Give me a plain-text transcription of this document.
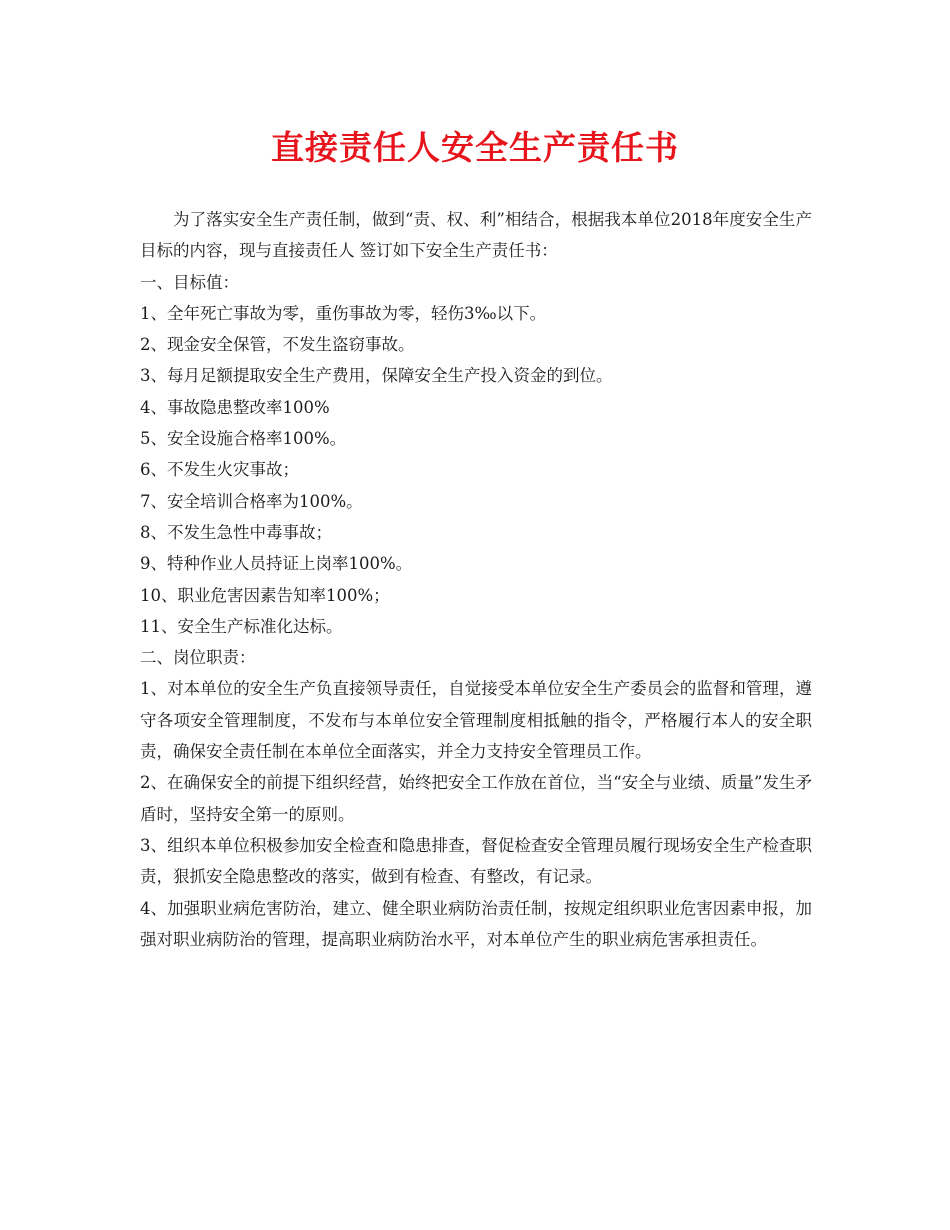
直接责任人安全生产责任书

为了落实安全生产责任制，做到“责、权、利”相结合，根据我本单位2018年度安全生产目标的内容，现与直接责任人 签订如下安全生产责任书：

一、目标值：

1、全年死亡事故为零，重伤事故为零，轻伤3‰以下。

2、现金安全保管，不发生盗窃事故。

3、每月足额提取安全生产费用，保障安全生产投入资金的到位。

4、事故隐患整改率100%

5、安全设施合格率100%。

6、不发生火灾事故；

7、安全培训合格率为100%。

8、不发生急性中毒事故；

9、特种作业人员持证上岗率100%。

10、职业危害因素告知率100%；

11、安全生产标准化达标。

二、岗位职责：

1、对本单位的安全生产负直接领导责任，自觉接受本单位安全生产委员会的监督和管理，遵守各项安全管理制度，不发布与本单位安全管理制度相抵触的指令，严格履行本人的安全职责，确保安全责任制在本单位全面落实，并全力支持安全管理员工作。

2、在确保安全的前提下组织经营，始终把安全工作放在首位，当“安全与业绩、质量”发生矛盾时，坚持安全第一的原则。

3、组织本单位积极参加安全检查和隐患排查，督促检查安全管理员履行现场安全生产检查职责，狠抓安全隐患整改的落实，做到有检查、有整改，有记录。

4、加强职业病危害防治，建立、健全职业病防治责任制，按规定组织职业危害因素申报，加强对职业病防治的管理，提高职业病防治水平，对本单位产生的职业病危害承担责任。
